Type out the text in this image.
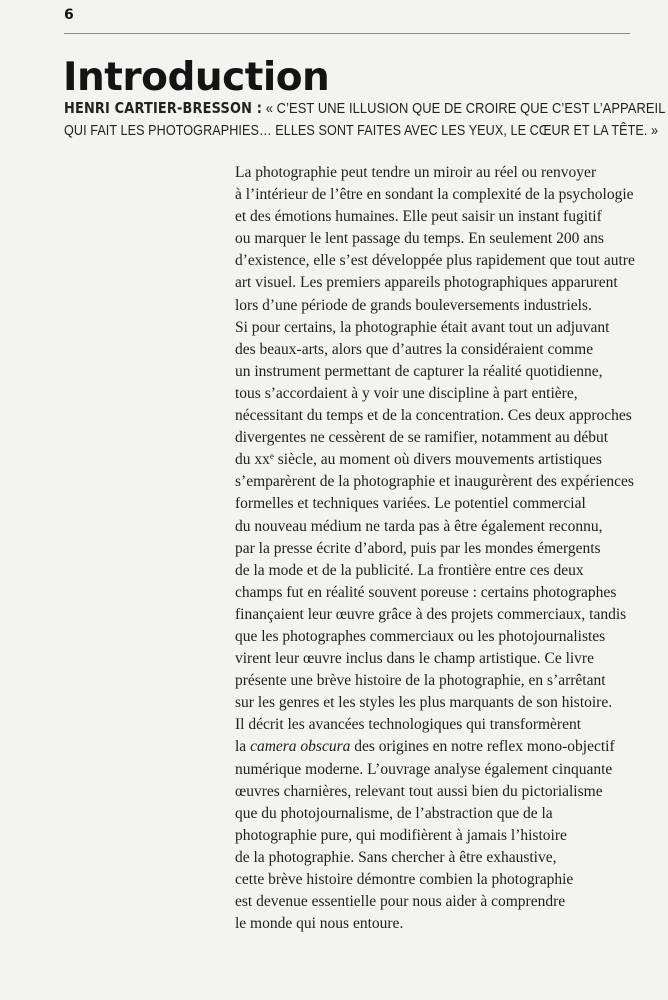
6
Introduction
HENRI CARTIER-BRESSON : « C’EST UNE ILLUSION QUE DE CROIRE QUE C’EST L’APPAREIL
QUI FAIT LES PHOTOGRAPHIES… ELLES SONT FAITES AVEC LES YEUX, LE CŒUR ET LA TÊTE. »
La photographie peut tendre un miroir au réel ou renvoyer
à l’intérieur de l’être en sondant la complexité de la psychologie
et des émotions humaines. Elle peut saisir un instant fugitif
ou marquer le lent passage du temps. En seulement 200 ans
d’existence, elle s’est développée plus rapidement que tout autre
art visuel. Les premiers appareils photographiques apparurent
lors d’une période de grands bouleversements industriels.
Si pour certains, la photographie était avant tout un adjuvant
des beaux-arts, alors que d’autres la considéraient comme
un instrument permettant de capturer la réalité quotidienne,
tous s’accordaient à y voir une discipline à part entière,
nécessitant du temps et de la concentration. Ces deux approches
divergentes ne cessèrent de se ramifier, notamment au début
du $xx^e$ siècle, au moment où divers mouvements artistiques
s’emparèrent de la photographie et inaugurèrent des expériences
formelles et techniques variées. Le potentiel commercial
du nouveau médium ne tarda pas à être également reconnu,
par la presse écrite d’abord, puis par les mondes émergents
de la mode et de la publicité. La frontière entre ces deux
champs fut en réalité souvent poreuse : certains photographes
finançaient leur œuvre grâce à des projets commerciaux, tandis
que les photographes commerciaux ou les photojournalistes
virent leur œuvre inclus dans le champ artistique. Ce livre
présente une brève histoire de la photographie, en s’arrêtant
sur les genres et les styles les plus marquants de son histoire.
Il décrit les avancées technologiques qui transformèrent
la camera obscura des origines en notre reflex mono-objectif
numérique moderne. L’ouvrage analyse également cinquante
œuvres charnières, relevant tout aussi bien du pictorialisme
que du photojournalisme, de l’abstraction que de la
photographie pure, qui modifièrent à jamais l’histoire
de la photographie. Sans chercher à être exhaustive,
cette brève histoire démontre combien la photographie
est devenue essentielle pour nous aider à comprendre
le monde qui nous entoure.
